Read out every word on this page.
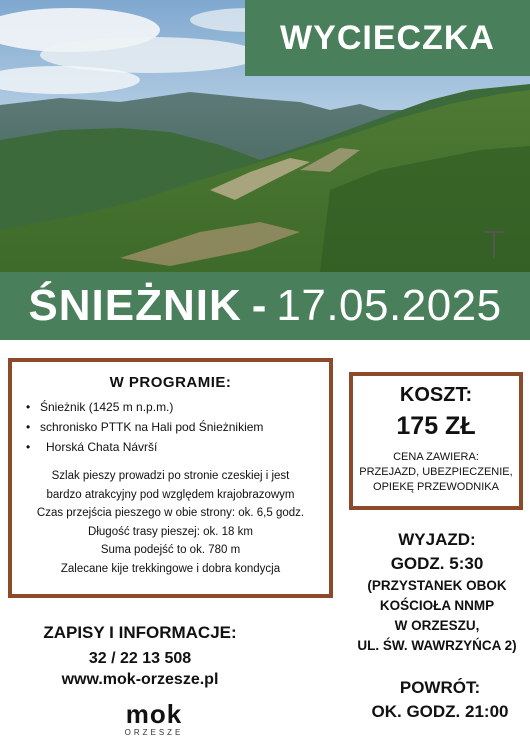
WYCIECZKA
ŚNIEŻNIK - 17.05.2025
W PROGRAMIE:
• Śnieżnik (1425 m n.p.m.)
• schronisko PTTK na Hali pod Śnieżnikiem
•	Horská Chata Návrší
Szlak pieszy prowadzi po stronie czeskiej i jest
bardzo atrakcyjny pod względem krajobrazowym
Czas przejścia pieszego w obie strony: ok. 6,5 godz.
Długość trasy pieszej: ok. 18 km
Suma podejść to ok. 780 m
Zalecane kije trekkingowe i dobra kondycja
KOSZT:
175 ZŁ
CENA ZAWIERA:
PRZEJAZD, UBEZPIECZENIE,
OPIEKĘ PRZEWODNIKA
WYJAZD:
GODZ. 5:30
(PRZYSTANEK OBOK
KOŚCIOŁA NNMP
W ORZESZU,
UL. ŚW. WAWRZYŃCA 2)
POWRÓT:
OK. GODZ. 21:00
ZAPISY I INFORMACJE:
32 / 22 13 508
www.mok-orzesze.pl
mok
ORZESZE
